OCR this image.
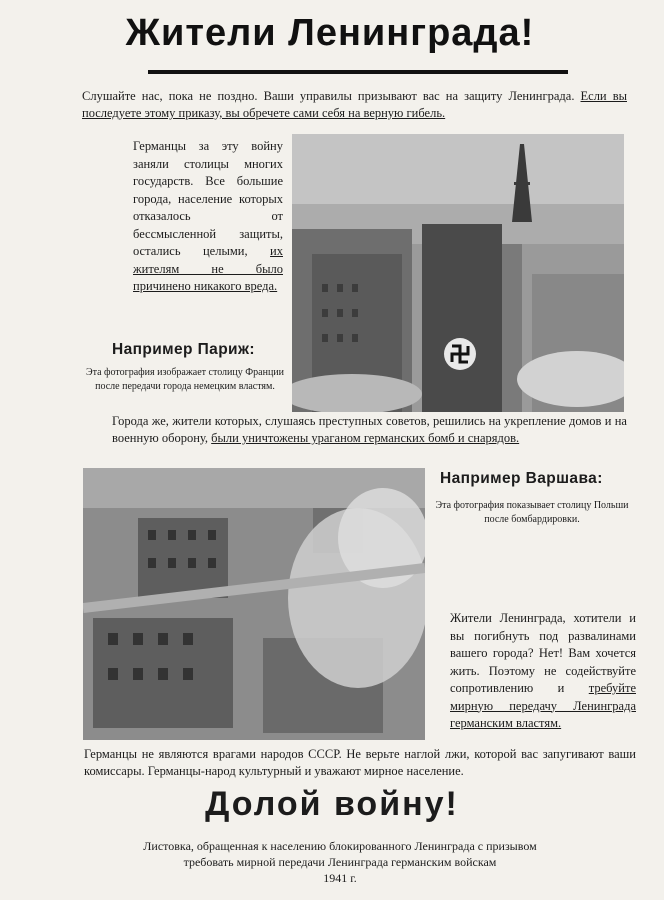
Жители Ленинграда!
Слушайте нас, пока не поздно. Ваши управилы призывают вас на защиту Ленинграда. Если вы последуете этому приказу, вы обречете сами себя на верную гибель.
Германцы за эту войну заняли столицы многих государств. Все большие города, население которых отказалось от бессмысленной защиты, остались целыми, их жителям не было причинено никакого вреда.
Например Париж:
Эта фотография изображает столицу Франции после передачи города немецким властям.
Города же, жители которых, слушаясь преступных советов, решились на укрепление домов и на военную оборону, были уничтожены ураганом германских бомб и снарядов.
Например Варшава:
Эта фотография показывает столицу Польши после бомбардировки.
Жители Ленинграда, хотители и вы погибнуть под развалинами вашего города? Нет! Вам хочется жить. Поэтому не содействуйте сопротивлению и требуйте мирную передачу Ленинграда германским властям.
Германцы не являются врагами народов СССР. Не верьте наглой лжи, которой вас запугивают ваши комиссары. Германцы-народ культурный и уважают мирное население.
Долой войну!
Листовка, обращенная к населению блокированного Ленинграда с призывом
требовать мирной передачи Ленинграда германским войскам
1941 г.
